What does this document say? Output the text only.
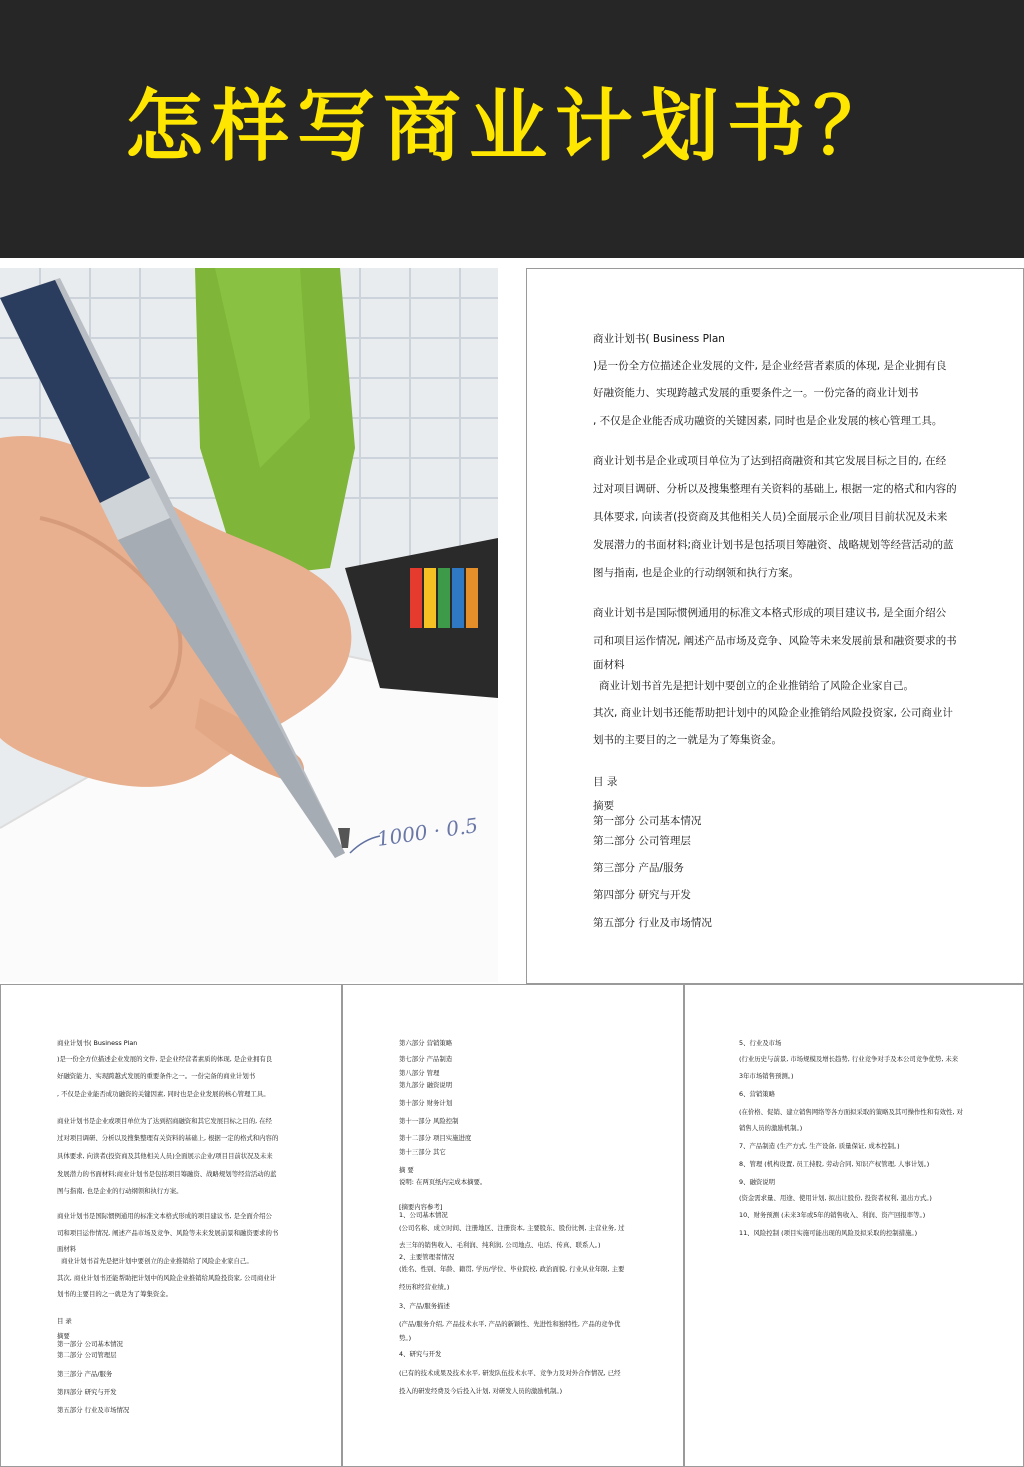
怎样写商业计划书？
1000 · 0.5
商业计划书( Business Plan
)是一份全方位描述企业发展的文件, 是企业经营者素质的体现, 是企业拥有良
好融资能力、实现跨越式发展的重要条件之一。一份完备的商业计划书
, 不仅是企业能否成功融资的关键因素, 同时也是企业发展的核心管理工具。
商业计划书是企业或项目单位为了达到招商融资和其它发展目标之目的, 在经
过对项目调研、分析以及搜集整理有关资料的基础上, 根据一定的格式和内容的
具体要求, 向读者(投资商及其他相关人员)全面展示企业/项目目前状况及未来
发展潜力的书面材料;商业计划书是包括项目筹融资、战略规划等经营活动的蓝
图与指南, 也是企业的行动纲领和执行方案。
商业计划书是国际惯例通用的标准文本格式形成的项目建议书, 是全面介绍公
司和项目运作情况, 阐述产品市场及竞争、风险等未来发展前景和融资要求的书
面材料
商业计划书首先是把计划中要创立的企业推销给了风险企业家自己。
其次, 商业计划书还能帮助把计划中的风险企业推销给风险投资家, 公司商业计
划书的主要目的之一就是为了筹集资金。
目 录
摘要
第一部分 公司基本情况
第二部分 公司管理层
第三部分 产品/服务
第四部分 研究与开发
第五部分 行业及市场情况
商业计划书( Business Plan
)是一份全方位描述企业发展的文件, 是企业经营者素质的体现, 是企业拥有良
好融资能力、实现跨越式发展的重要条件之一。一份完备的商业计划书
, 不仅是企业能否成功融资的关键因素, 同时也是企业发展的核心管理工具。
商业计划书是企业或项目单位为了达到招商融资和其它发展目标之目的, 在经
过对项目调研、分析以及搜集整理有关资料的基础上, 根据一定的格式和内容的
具体要求, 向读者(投资商及其他相关人员)全面展示企业/项目目前状况及未来
发展潜力的书面材料;商业计划书是包括项目筹融资、战略规划等经营活动的蓝
图与指南, 也是企业的行动纲领和执行方案。
商业计划书是国际惯例通用的标准文本格式形成的项目建议书, 是全面介绍公
司和项目运作情况, 阐述产品市场及竞争、风险等未来发展前景和融资要求的书
面材料
商业计划书首先是把计划中要创立的企业推销给了风险企业家自己。
其次, 商业计划书还能帮助把计划中的风险企业推销给风险投资家, 公司商业计
划书的主要目的之一就是为了筹集资金。
目 录
摘要
第一部分 公司基本情况
第二部分 公司管理层
第三部分 产品/服务
第四部分 研究与开发
第五部分 行业及市场情况
第六部分 营销策略
第七部分 产品制造
第八部分 管理
第九部分 融资说明
第十部分 财务计划
第十一部分 风险控制
第十二部分 项目实施进度
第十三部分 其它
摘 要
说明: 在两页纸内完成本摘要。
[摘要内容参考]
1、公司基本情况
(公司名称、成立时间、注册地区、注册资本, 主要股东、股份比例, 主营业务, 过
去三年的销售收入、毛利润、纯利润, 公司地点、电话、传真、联系人。)
2、主要管理者情况
(姓名、性别、年龄、籍贯, 学历/学位、毕业院校, 政治面貌, 行业从业年限, 主要
经历和经营业绩。)
3、产品/服务描述
(产品/服务介绍, 产品技术水平, 产品的新颖性、先进性和独特性, 产品的竞争优
势。)
4、研究与开发
(已有的技术成果及技术水平, 研发队伍技术水平、竞争力及对外合作情况, 已经
投入的研发经费及今后投入计划, 对研发人员的激励机制。)
5、行业及市场
(行业历史与前景, 市场规模及增长趋势, 行业竞争对手及本公司竞争优势, 未来
3年市场销售预测。)
6、营销策略
(在价格、促销、建立销售网络等各方面拟采取的策略及其可操作性和有效性, 对
销售人员的激励机制。)
7、产品制造 (生产方式, 生产设备, 质量保证, 成本控制。)
8、管理 (机构设置, 员工持股, 劳动合同, 知识产权管理, 人事计划。)
9、融资说明
(资金需求量、用途、使用计划, 拟出让股份, 投资者权利, 退出方式。)
10、财务预测 (未来3年或5年的销售收入、利润、资产回报率等。)
11、风险控制 (项目实施可能出现的风险及拟采取的控制措施。)
